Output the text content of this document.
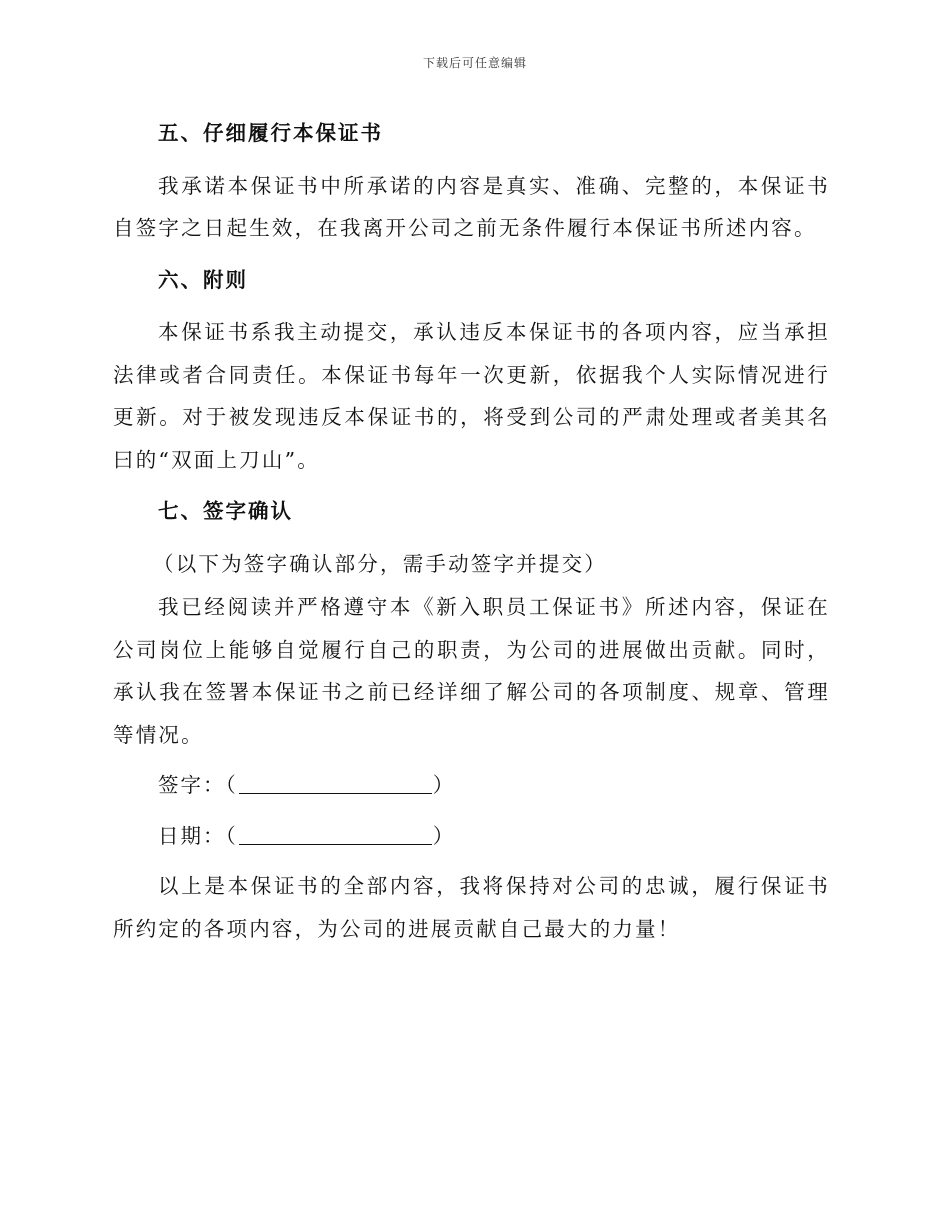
下载后可任意编辑
五、仔细履行本保证书

我承诺本保证书中所承诺的内容是真实、准确、完整的，本保证书自签字之日起生效，在我离开公司之前无条件履行本保证书所述内容。

六、附则

本保证书系我主动提交，承认违反本保证书的各项内容，应当承担法律或者合同责任。本保证书每年一次更新，依据我个人实际情况进行更新。对于被发现违反本保证书的，将受到公司的严肃处理或者美其名曰的“双面上刀山”。

七、签字确认

（以下为签字确认部分，需手动签字并提交）

我已经阅读并严格遵守本《新入职员工保证书》所述内容，保证在公司岗位上能够自觉履行自己的职责，为公司的进展做出贡献。同时，承认我在签署本保证书之前已经详细了解公司的各项制度、规章、管理等情况。

签字：（	）

日期：（	）

以上是本保证书的全部内容，我将保持对公司的忠诚，履行保证书所约定的各项内容，为公司的进展贡献自己最大的力量！
